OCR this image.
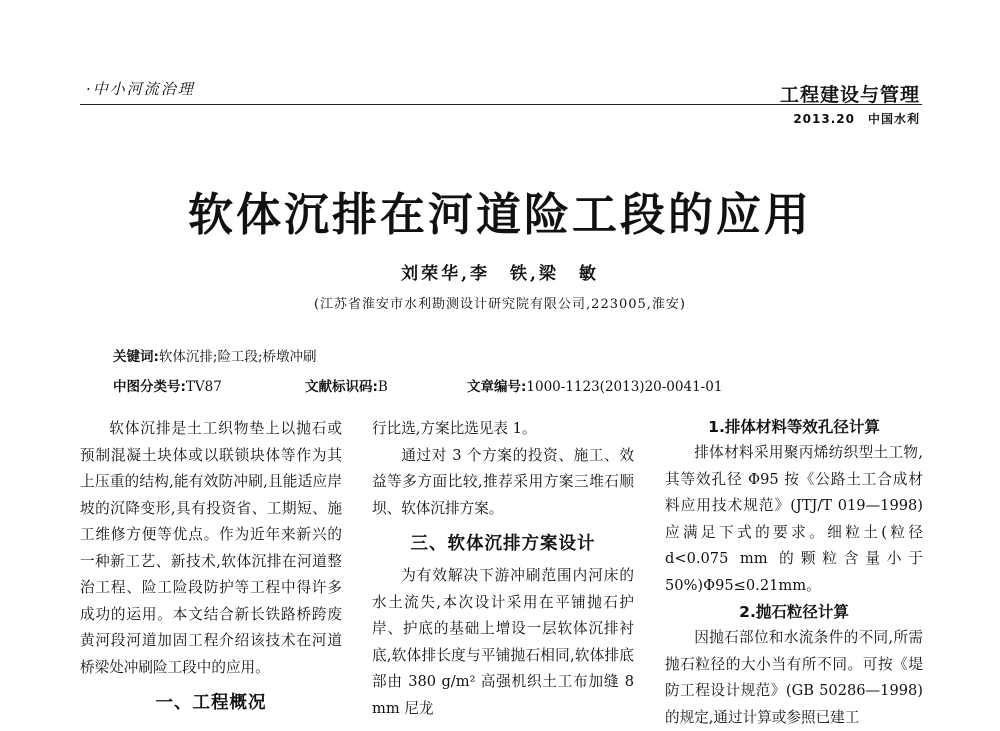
·中小河流治理	工程建设与管理
2013.20　中国水利
软体沉排在河道险工段的应用
刘荣华,李　铁,梁　敏
(江苏省淮安市水利勘测设计研究院有限公司,223005,淮安)
关键词:软体沉排;险工段;桥墩冲刷
中图分类号:TV87	文献标识码:B	文章编号:1000-1123(2013)20-0041-01

软体沉排是土工织物垫上以抛石或预制混凝土块体或以联锁块体等作为其上压重的结构,能有效防冲刷,且能适应岸坡的沉降变形,具有投资省、工期短、施工维修方便等优点。作为近年来新兴的一种新工艺、新技术,软体沉排在河道整治工程、险工险段防护等工程中得许多成功的运用。本文结合新长铁路桥跨废黄河段河道加固工程介绍该技术在河道桥梁处冲刷险工段中的应用。

一、工程概况

行比选,方案比选见表 1。

通过对 3 个方案的投资、施工、效益等多方面比较,推荐采用方案三堆石顺坝、软体沉排方案。

三、软体沉排方案设计

为有效解决下游冲刷范围内河床的水土流失,本次设计采用在平铺抛石护岸、护底的基础上增设一层软体沉排衬底,软体排长度与平铺抛石相同,软体排底部由 380 g/m² 高强机织土工布加缝 8 mm 尼龙

1.排体材料等效孔径计算

排体材料采用聚丙烯纺织型土工物,其等效孔径 Φ95 按《公路土工合成材料应用技术规范》(JTJ/T 019—1998)应满足下式的要求。细粒土(粒径 d<0.075 mm 的颗粒含量小于 50%)Φ95≤0.21mm。

2.抛石粒径计算

因抛石部位和水流条件的不同,所需抛石粒径的大小当有所不同。可按《堤防工程设计规范》(GB 50286—1998)的规定,通过计算或参照已建工
